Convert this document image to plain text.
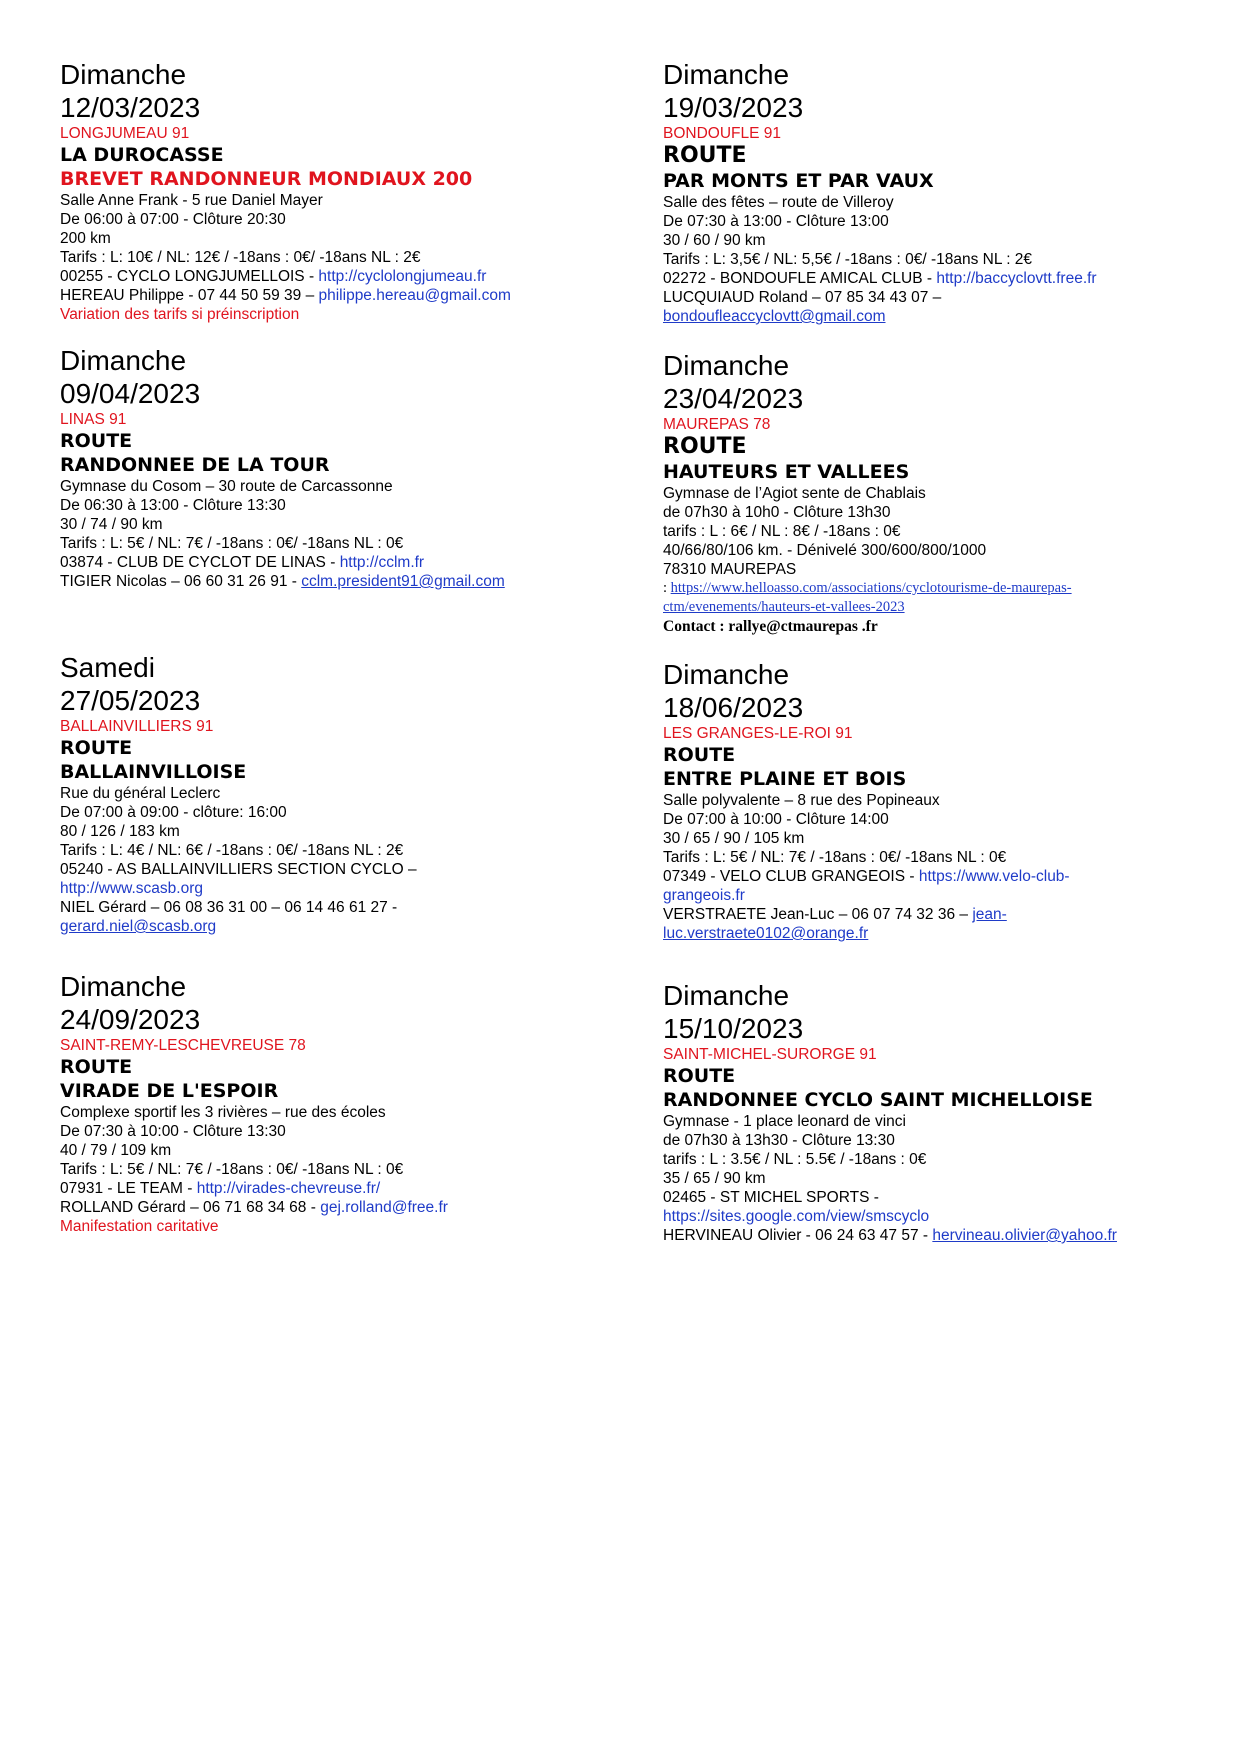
Dimanche
12/03/2023
LONGJUMEAU 91
LA DUROCASSE
BREVET RANDONNEUR MONDIAUX 200
Salle Anne Frank - 5 rue Daniel Mayer
De 06:00 à 07:00 - Clôture 20:30
200 km
Tarifs : L: 10€ / NL: 12€ / -18ans : 0€/ -18ans NL : 2€
00255 - CYCLO LONGJUMELLOIS - http://cyclolongjumeau.fr
HEREAU Philippe - 07 44 50 59 39 – philippe.hereau@gmail.com
Variation des tarifs si préinscription
Dimanche
19/03/2023
BONDOUFLE 91
ROUTE
PAR MONTS ET PAR VAUX
Salle des fêtes – route de Villeroy
De 07:30 à 13:00 - Clôture 13:00
30 / 60 / 90 km
Tarifs : L: 3,5€ / NL: 5,5€ / -18ans : 0€/ -18ans NL : 2€
02272 - BONDOUFLE AMICAL CLUB - http://baccyclovtt.free.fr
LUCQUIAUD Roland – 07 85 34 43 07 –
bondoufleaccyclovtt@gmail.com
Dimanche
09/04/2023
LINAS 91
ROUTE
RANDONNEE DE LA TOUR
Gymnase du Cosom – 30 route de Carcassonne
De 06:30 à 13:00 - Clôture 13:30
30 / 74 / 90 km
Tarifs : L: 5€ / NL: 7€ / -18ans : 0€/ -18ans NL : 0€
03874 - CLUB DE CYCLOT DE LINAS - http://cclm.fr
TIGIER Nicolas – 06 60 31 26 91 - cclm.president91@gmail.com
Dimanche
23/04/2023
MAUREPAS 78
ROUTE
HAUTEURS ET VALLEES
Gymnase de l’Agiot sente de Chablais
de 07h30 à 10h0 - Clôture 13h30
tarifs : L : 6€ / NL : 8€ / -18ans : 0€
40/66/80/106 km. - Dénivelé 300/600/800/1000
78310 MAUREPAS
: https://www.helloasso.com/associations/cyclotourisme-de-maurepas-
ctm/evenements/hauteurs-et-vallees-2023
Contact : rallye@ctmaurepas .fr
Samedi
27/05/2023
BALLAINVILLIERS 91
ROUTE
BALLAINVILLOISE
Rue du général Leclerc
De 07:00 à 09:00 - clôture: 16:00
80 / 126 / 183 km
Tarifs : L: 4€ / NL: 6€ / -18ans : 0€/ -18ans NL : 2€
05240 - AS BALLAINVILLIERS SECTION CYCLO –
http://www.scasb.org
NIEL Gérard – 06 08 36 31 00 – 06 14 46 61 27 -
gerard.niel@scasb.org
Dimanche
18/06/2023
LES GRANGES-LE-ROI 91
ROUTE
ENTRE PLAINE ET BOIS
Salle polyvalente – 8 rue des Popineaux
De 07:00 à 10:00 - Clôture 14:00
30 / 65 / 90 / 105 km
Tarifs : L: 5€ / NL: 7€ / -18ans : 0€/ -18ans NL : 0€
07349 - VELO CLUB GRANGEOIS - https://www.velo-club-
grangeois.fr
VERSTRAETE Jean-Luc – 06 07 74 32 36 – jean-
luc.verstraete0102@orange.fr
Dimanche
24/09/2023
SAINT-REMY-LESCHEVREUSE 78
ROUTE
VIRADE DE L'ESPOIR
Complexe sportif les 3 rivières – rue des écoles
De 07:30 à 10:00 - Clôture 13:30
40 / 79 / 109 km
Tarifs : L: 5€ / NL: 7€ / -18ans : 0€/ -18ans NL : 0€
07931 - LE TEAM - http://virades-chevreuse.fr/
ROLLAND Gérard – 06 71 68 34 68 - gej.rolland@free.fr
Manifestation caritative
Dimanche
15/10/2023
SAINT-MICHEL-SURORGE 91
ROUTE
RANDONNEE CYCLO SAINT MICHELLOISE
Gymnase - 1 place leonard de vinci
de 07h30 à 13h30 - Clôture 13:30
tarifs : L : 3.5€ / NL : 5.5€ / -18ans : 0€
35 / 65 / 90 km
02465 - ST MICHEL SPORTS -
https://sites.google.com/view/smscyclo
HERVINEAU Olivier - 06 24 63 47 57 - hervineau.olivier@yahoo.fr
